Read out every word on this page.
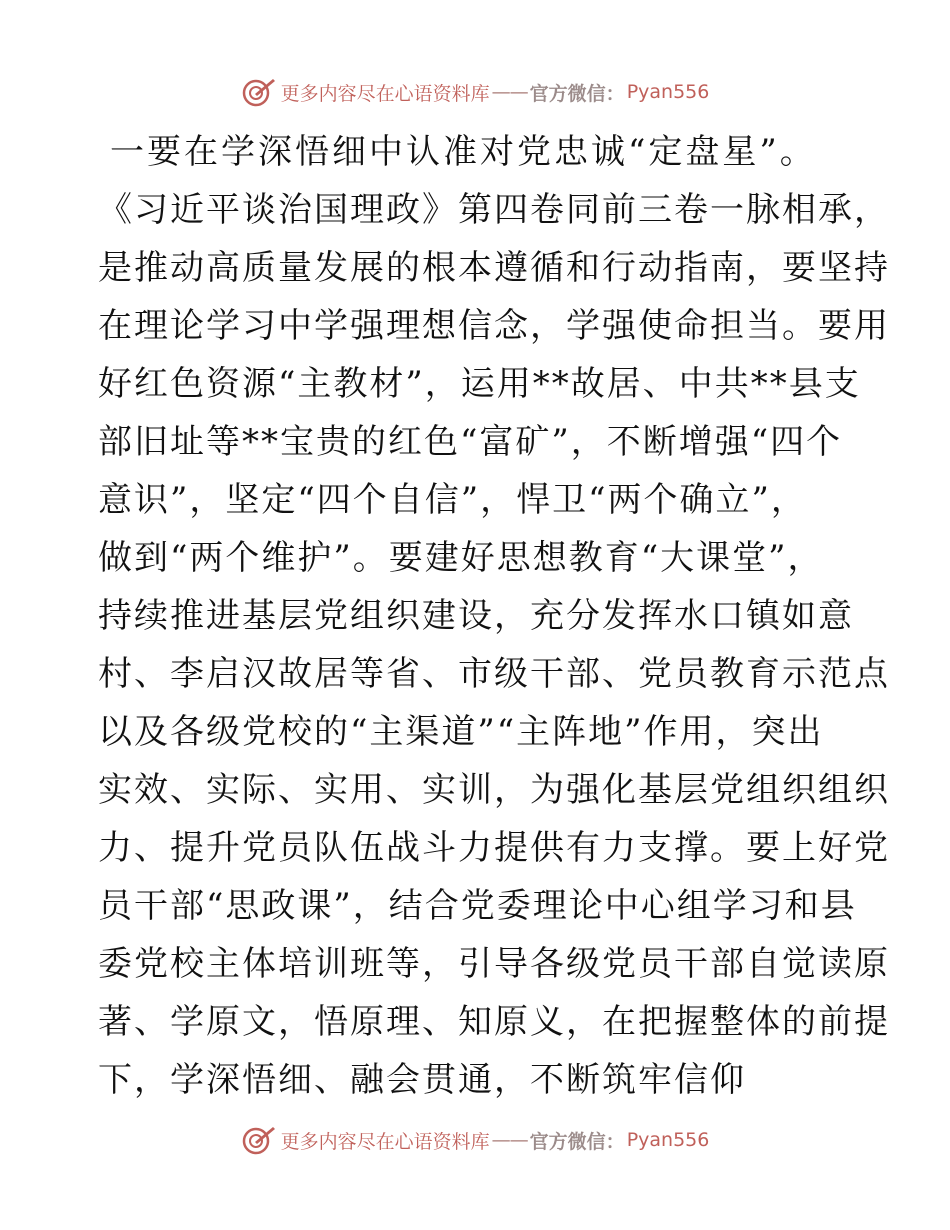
更多内容尽在心语资料库 —— 官方微信： Pyan556
一要在学深悟细中认准对党忠诚“定盘星”。
《习近平谈治国理政》第四卷同前三卷一脉相承，
是推动高质量发展的根本遵循和行动指南，要坚持
在理论学习中学强理想信念，学强使命担当。要用
好红色资源“主教材”，运用**故居、中共**县支
部旧址等**宝贵的红色“富矿”，不断增强“四个
意识”，坚定“四个自信”，悍卫“两个确立”，
做到“两个维护”。要建好思想教育“大课堂”，
持续推进基层党组织建设，充分发挥水口镇如意
村、李启汉故居等省、市级干部、党员教育示范点
以及各级党校的“主渠道”“主阵地”作用，突出
实效、实际、实用、实训，为强化基层党组织组织
力、提升党员队伍战斗力提供有力支撑。要上好党
员干部“思政课”，结合党委理论中心组学习和县
委党校主体培训班等，引导各级党员干部自觉读原
著、学原文，悟原理、知原义，在把握整体的前提
下，学深悟细、融会贯通，不断筑牢信仰
更多内容尽在心语资料库 —— 官方微信： Pyan556
